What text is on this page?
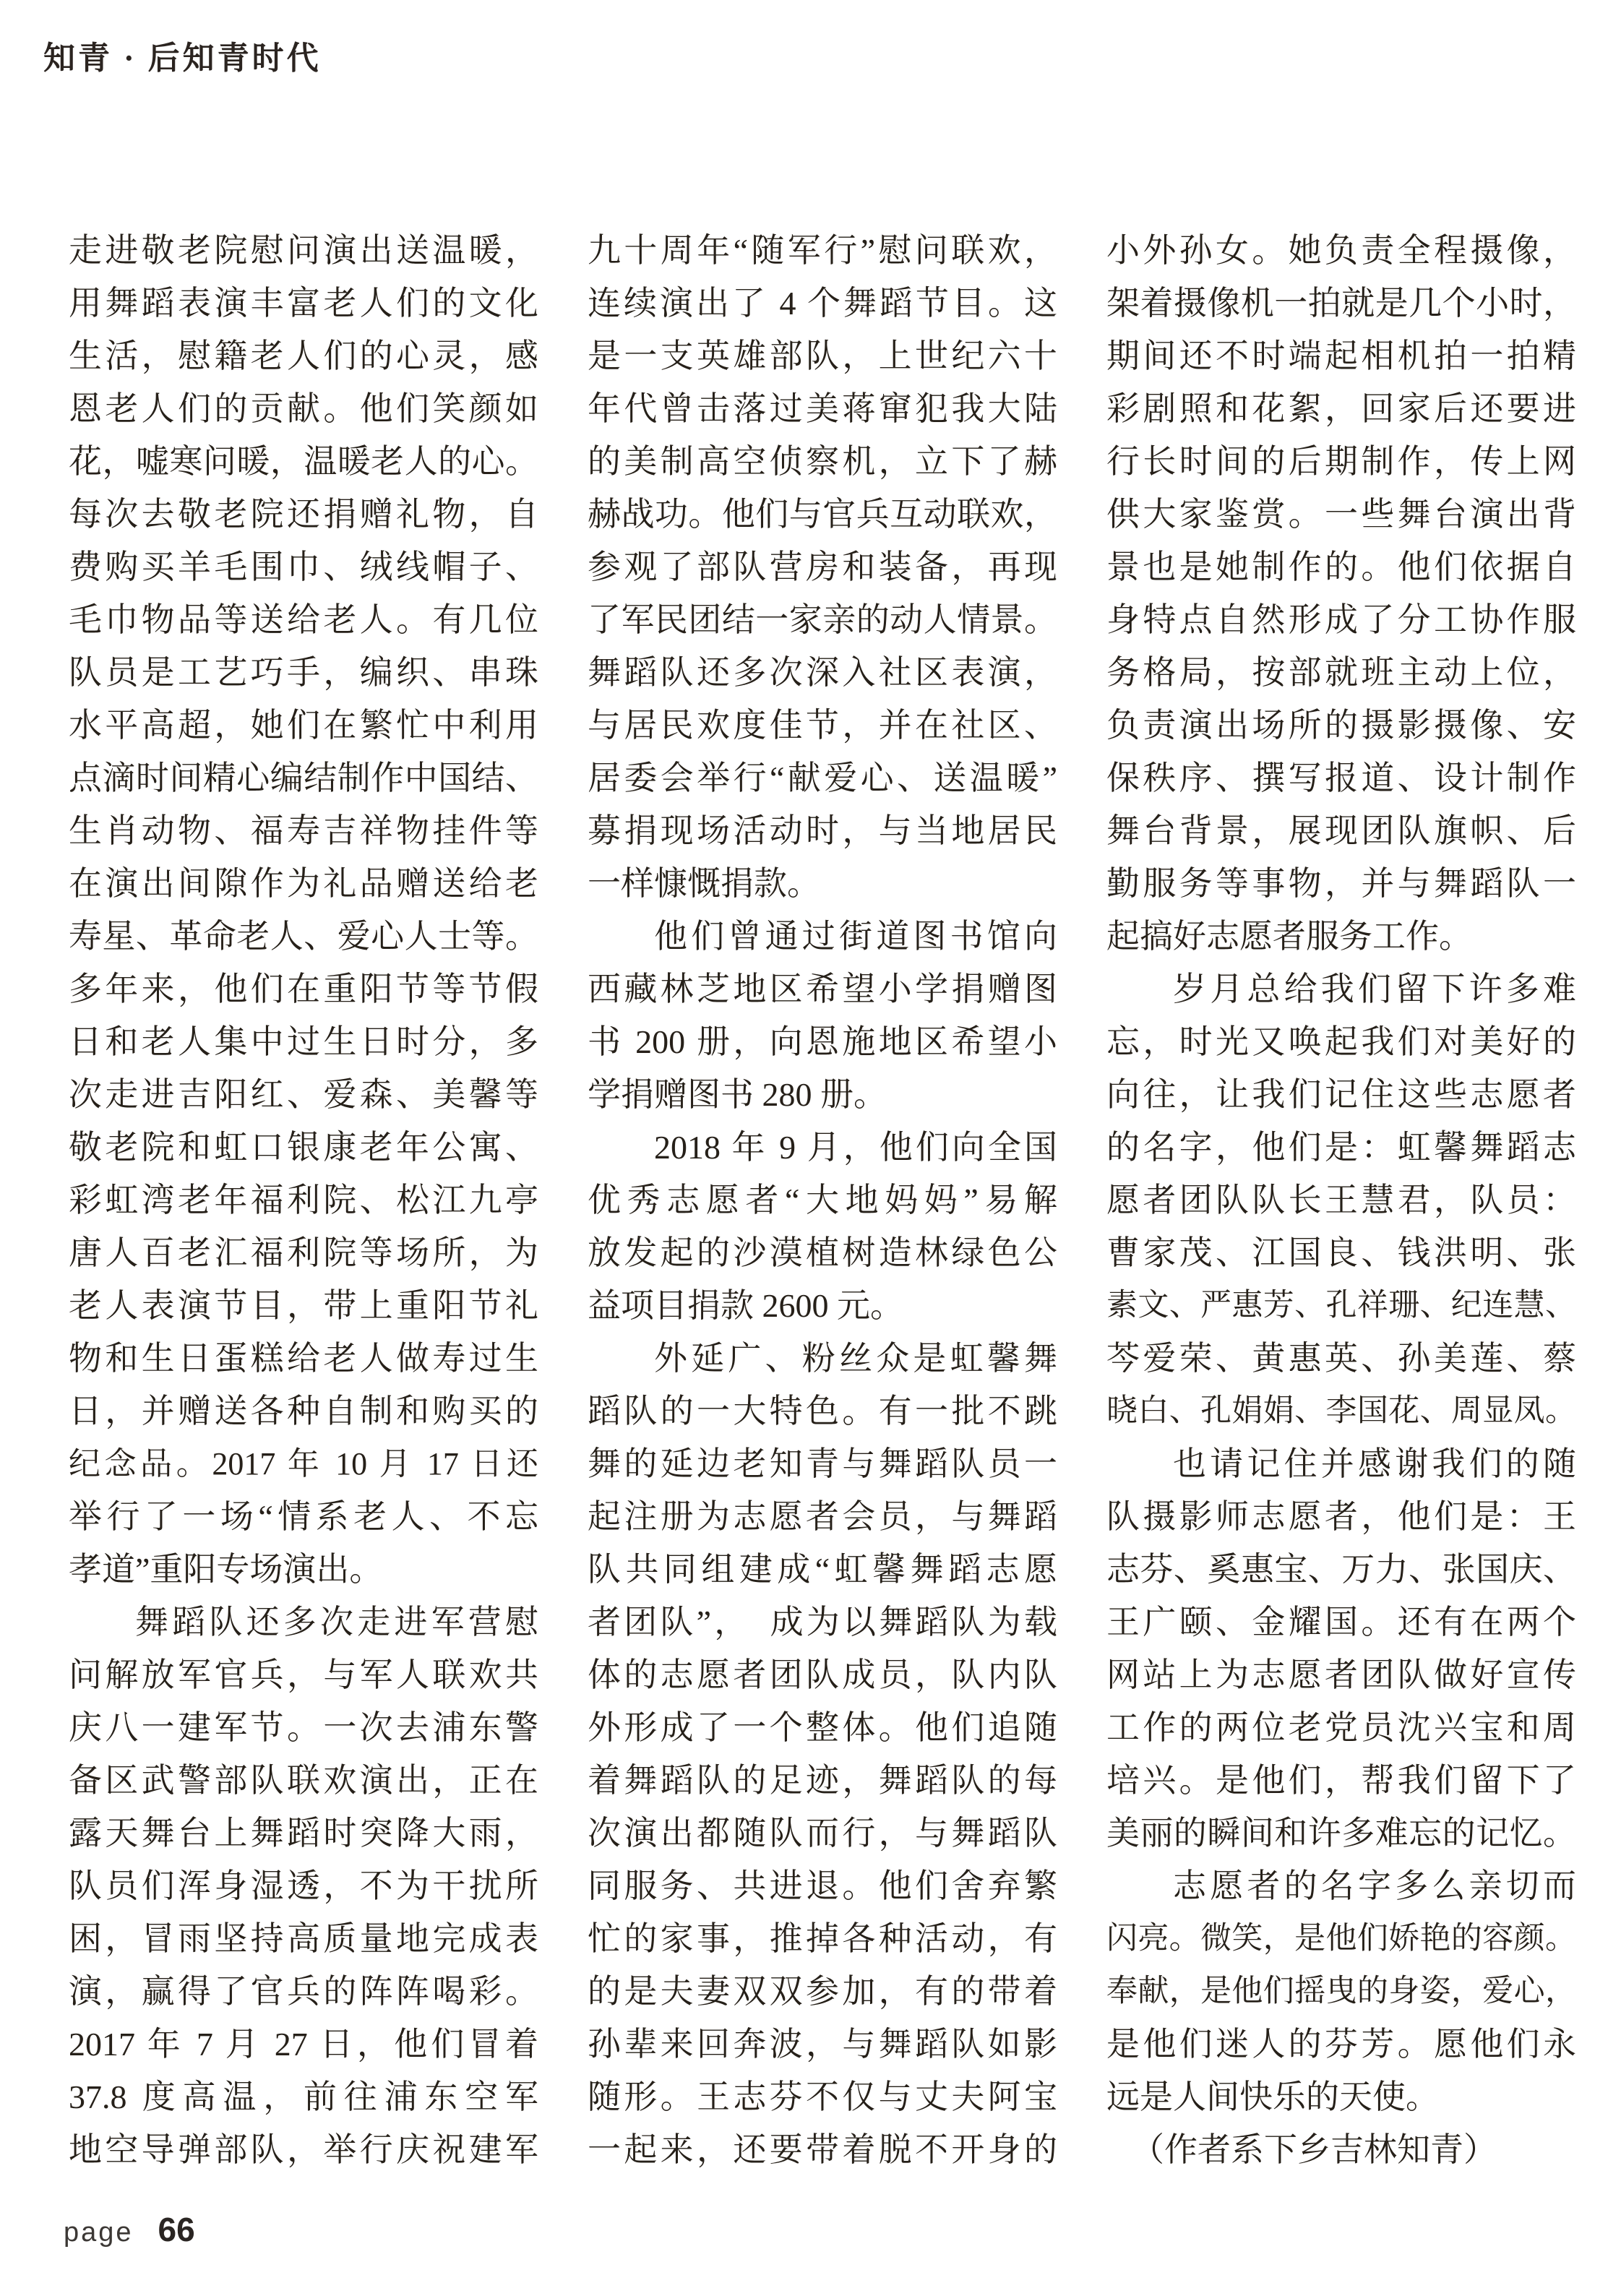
知青 · 后知青时代
走进敬老院慰问演出送温暖，
用舞蹈表演丰富老人们的文化
生活，慰籍老人们的心灵，感
恩老人们的贡献。他们笑颜如
花，嘘寒问暖，温暖老人的心。
每次去敬老院还捐赠礼物，自
费购买羊毛围巾、绒线帽子、
毛巾物品等送给老人。有几位
队员是工艺巧手，编织、串珠
水平高超，她们在繁忙中利用
点滴时间精心编结制作中国结、
生肖动物、福寿吉祥物挂件等
在演出间隙作为礼品赠送给老
寿星、革命老人、爱心人士等。
多年来，他们在重阳节等节假
日和老人集中过生日时分，多
次走进吉阳红、爱森、美馨等
敬老院和虹口银康老年公寓、
彩虹湾老年福利院、松江九亭
唐人百老汇福利院等场所，为
老人表演节目，带上重阳节礼
物和生日蛋糕给老人做寿过生
日，并赠送各种自制和购买的
纪念品。2017 年 10 月 17 日还
举行了一场“情系老人、不忘
孝道”重阳专场演出。
舞蹈队还多次走进军营慰
问解放军官兵，与军人联欢共
庆八一建军节。一次去浦东警
备区武警部队联欢演出，正在
露天舞台上舞蹈时突降大雨，
队员们浑身湿透，不为干扰所
困，冒雨坚持高质量地完成表
演，赢得了官兵的阵阵喝彩。
2017 年 7 月 27 日，他们冒着
37.8 度高温，前往浦东空军
地空导弹部队，举行庆祝建军
九十周年“随军行”慰问联欢，
连续演出了 4 个舞蹈节目。这
是一支英雄部队，上世纪六十
年代曾击落过美蒋窜犯我大陆
的美制高空侦察机，立下了赫
赫战功。他们与官兵互动联欢，
参观了部队营房和装备，再现
了军民团结一家亲的动人情景。
舞蹈队还多次深入社区表演，
与居民欢度佳节，并在社区、
居委会举行“献爱心、送温暖”
募捐现场活动时，与当地居民
一样慷慨捐款。
他们曾通过街道图书馆向
西藏林芝地区希望小学捐赠图
书 200 册，向恩施地区希望小
学捐赠图书 280 册。
2018 年 9 月，他们向全国
优秀志愿者“大地妈妈”易解
放发起的沙漠植树造林绿色公
益项目捐款 2600 元。
外延广、粉丝众是虹馨舞
蹈队的一大特色。有一批不跳
舞的延边老知青与舞蹈队员一
起注册为志愿者会员，与舞蹈
队共同组建成“虹馨舞蹈志愿
者团队”，　成为以舞蹈队为载
体的志愿者团队成员，队内队
外形成了一个整体。他们追随
着舞蹈队的足迹，舞蹈队的每
次演出都随队而行，与舞蹈队
同服务、共进退。他们舍弃繁
忙的家事，推掉各种活动，有
的是夫妻双双参加，有的带着
孙辈来回奔波，与舞蹈队如影
随形。王志芬不仅与丈夫阿宝
一起来，还要带着脱不开身的
小外孙女。她负责全程摄像，
架着摄像机一拍就是几个小时，
期间还不时端起相机拍一拍精
彩剧照和花絮，回家后还要进
行长时间的后期制作，传上网
供大家鉴赏。一些舞台演出背
景也是她制作的。他们依据自
身特点自然形成了分工协作服
务格局，按部就班主动上位，
负责演出场所的摄影摄像、安
保秩序、撰写报道、设计制作
舞台背景，展现团队旗帜、后
勤服务等事物，并与舞蹈队一
起搞好志愿者服务工作。
岁月总给我们留下许多难
忘，时光又唤起我们对美好的
向往，让我们记住这些志愿者
的名字，他们是：虹馨舞蹈志
愿者团队队长王慧君，队员：
曹家茂、江国良、钱洪明、张
素文、严惠芳、孔祥珊、纪连慧、
芩爱荣、黄惠英、孙美莲、蔡
晓白、孔娟娟、李国花、周显凤。
也请记住并感谢我们的随
队摄影师志愿者，他们是：王
志芬、奚惠宝、万力、张国庆、
王广颐、金耀国。还有在两个
网站上为志愿者团队做好宣传
工作的两位老党员沈兴宝和周
培兴。是他们，帮我们留下了
美丽的瞬间和许多难忘的记忆。
志愿者的名字多么亲切而
闪亮。微笑，是他们娇艳的容颜。
奉献，是他们摇曳的身姿，爱心，
是他们迷人的芬芳。愿他们永
远是人间快乐的天使。
（作者系下乡吉林知青）
page 66
